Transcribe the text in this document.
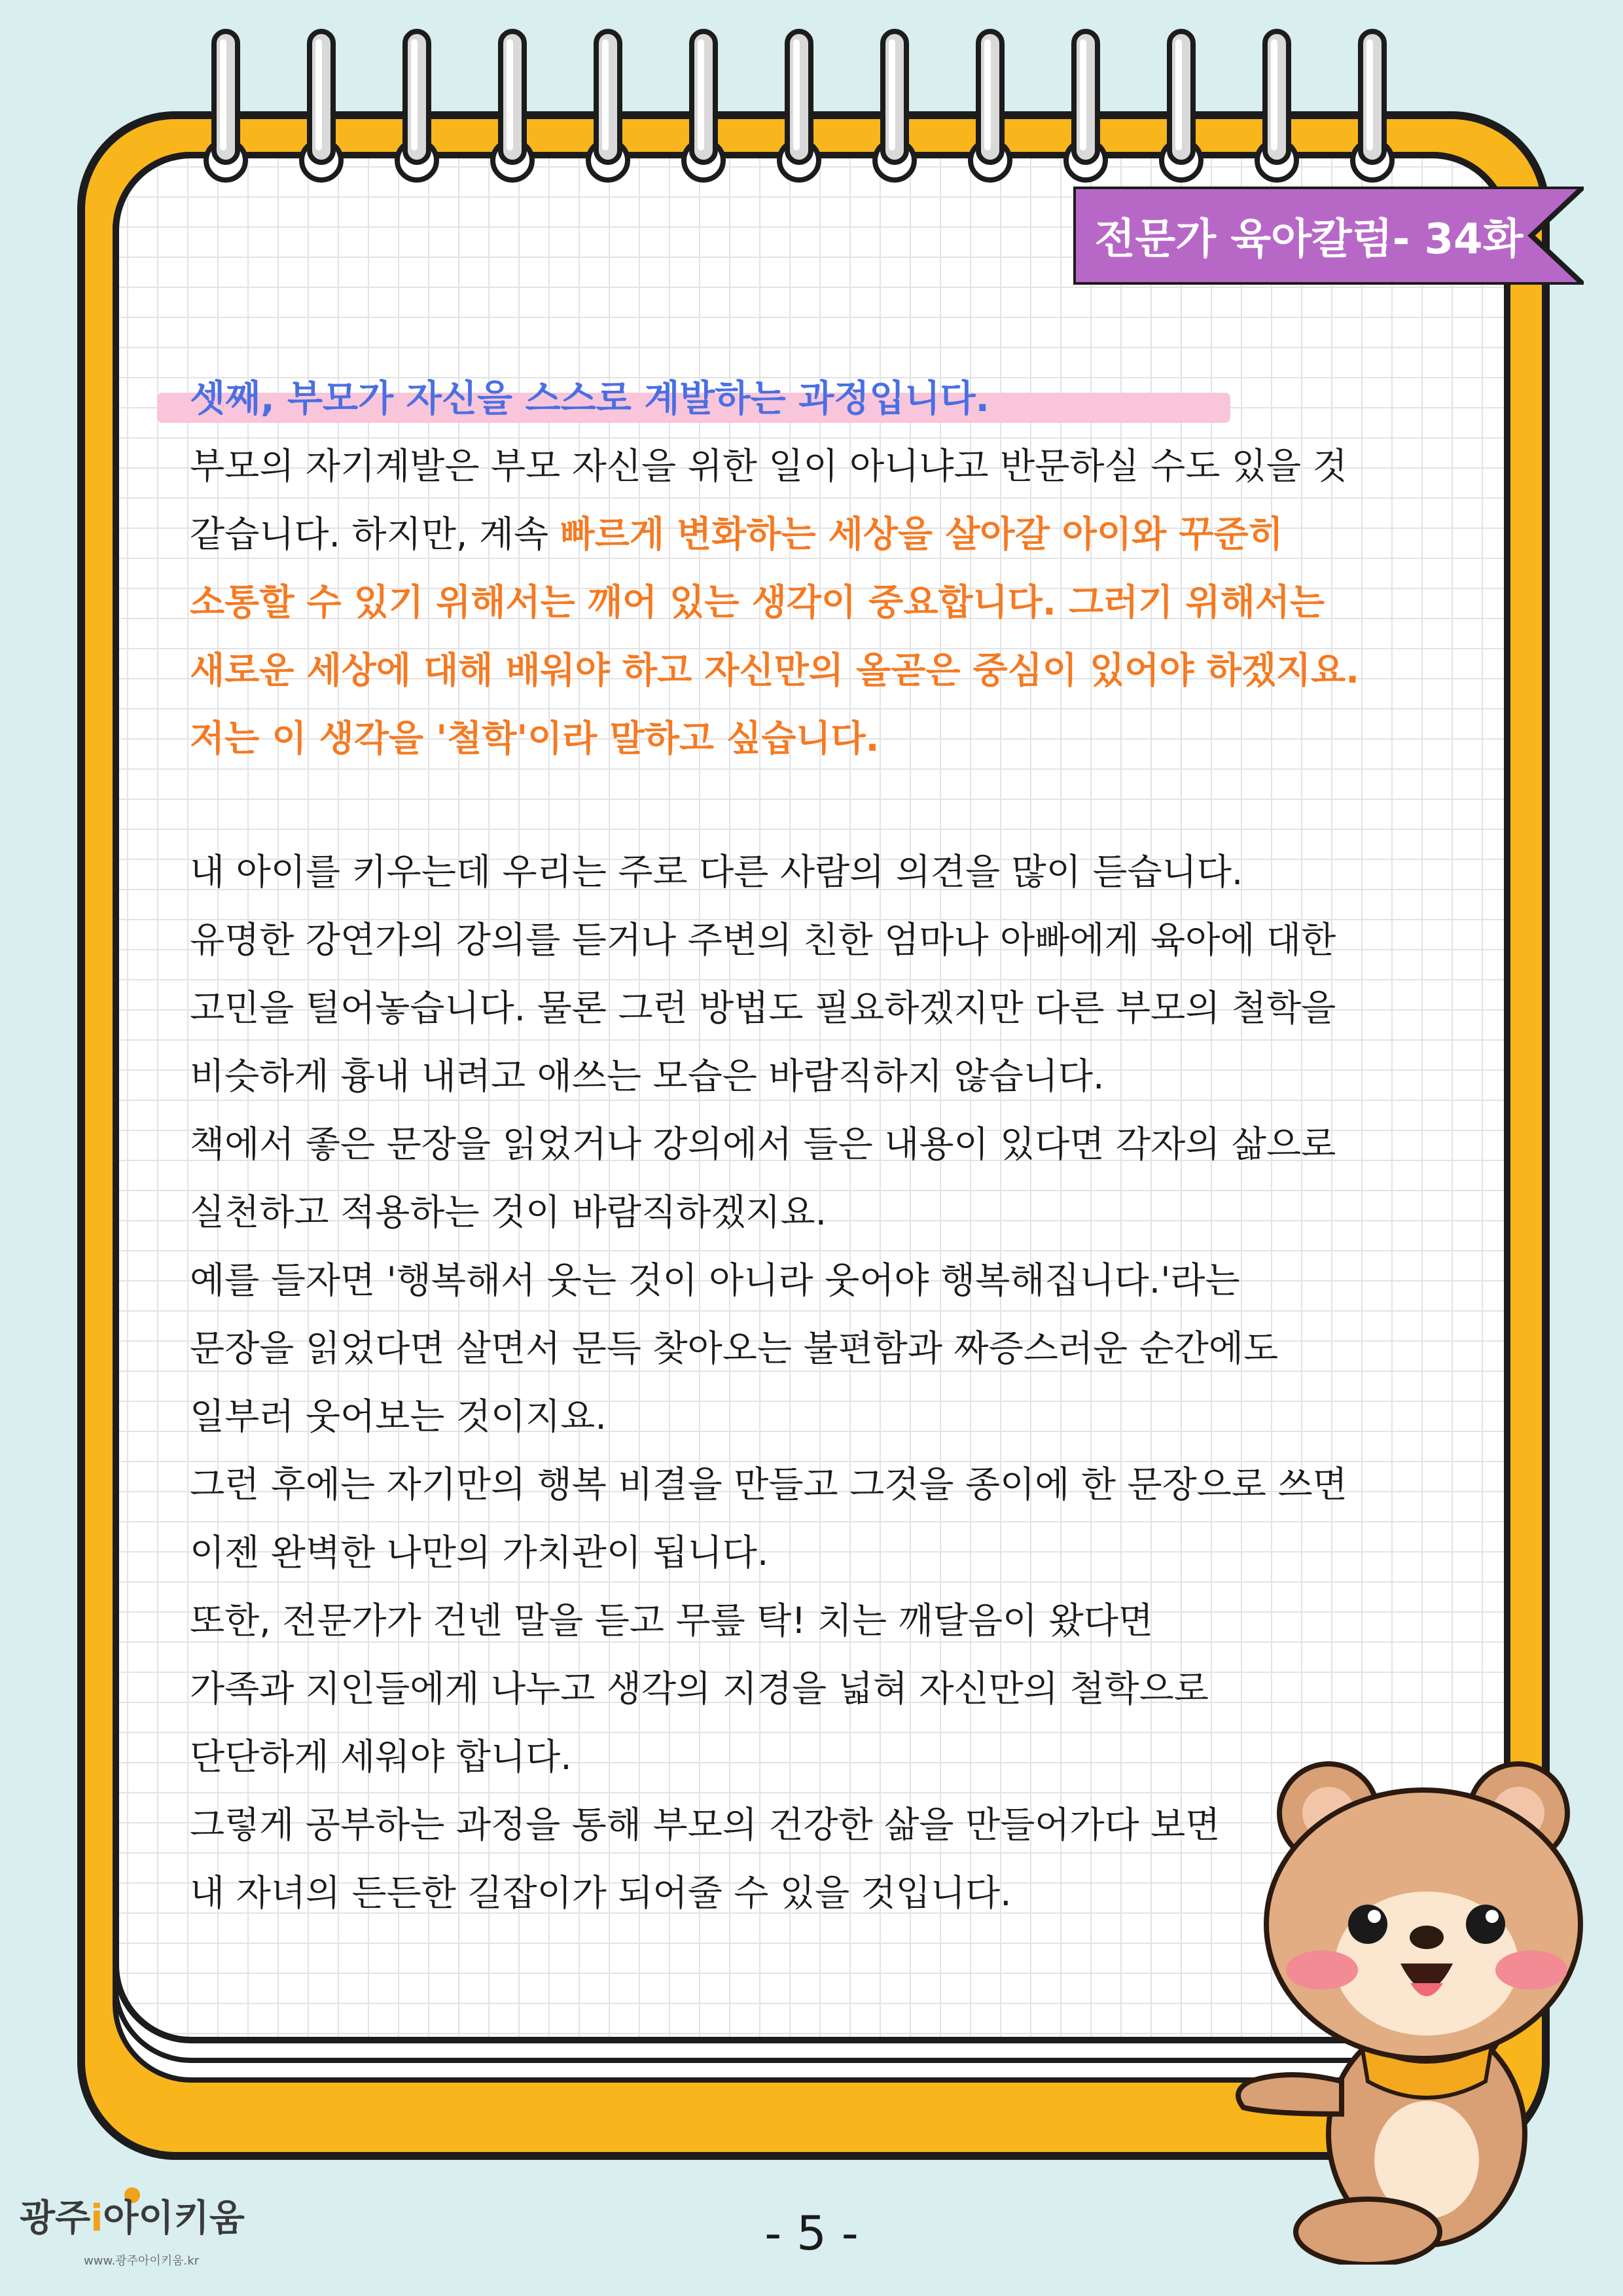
전문가 육아칼럼- 34화

셋째, 부모가 자신을 스스로 계발하는 과정입니다.

부모의 자기계발은 부모 자신을 위한 일이 아니냐고 반문하실 수도 있을 것

같습니다. 하지만, 계속 빠르게 변화하는 세상을 살아갈 아이와 꾸준히

소통할 수 있기 위해서는 깨어 있는 생각이 중요합니다. 그러기 위해서는

새로운 세상에 대해 배워야 하고 자신만의 올곧은 중심이 있어야 하겠지요.

저는 이 생각을 '철학'이라 말하고 싶습니다.

내 아이를 키우는데 우리는 주로 다른 사람의 의견을 많이 듣습니다.

유명한 강연가의 강의를 듣거나 주변의 친한 엄마나 아빠에게 육아에 대한

고민을 털어놓습니다. 물론 그런 방법도 필요하겠지만 다른 부모의 철학을

비슷하게 흉내 내려고 애쓰는 모습은 바람직하지 않습니다.

책에서 좋은 문장을 읽었거나 강의에서 들은 내용이 있다면 각자의 삶으로

실천하고 적용하는 것이 바람직하겠지요.

예를 들자면 '행복해서 웃는 것이 아니라 웃어야 행복해집니다.'라는

문장을 읽었다면 살면서 문득 찾아오는 불편함과 짜증스러운 순간에도

일부러 웃어보는 것이지요.

그런 후에는 자기만의 행복 비결을 만들고 그것을 종이에 한 문장으로 쓰면

이젠 완벽한 나만의 가치관이 됩니다.

또한, 전문가가 건넨 말을 듣고 무릎 탁! 치는 깨달음이 왔다면

가족과 지인들에게 나누고 생각의 지경을 넓혀 자신만의 철학으로

단단하게 세워야 합니다.

그렇게 공부하는 과정을 통해 부모의 건강한 삶을 만들어가다 보면

내 자녀의 든든한 길잡이가 되어줄 수 있을 것입니다.

광주i아이키움
www.광주아이키움.kr
- 5 -
